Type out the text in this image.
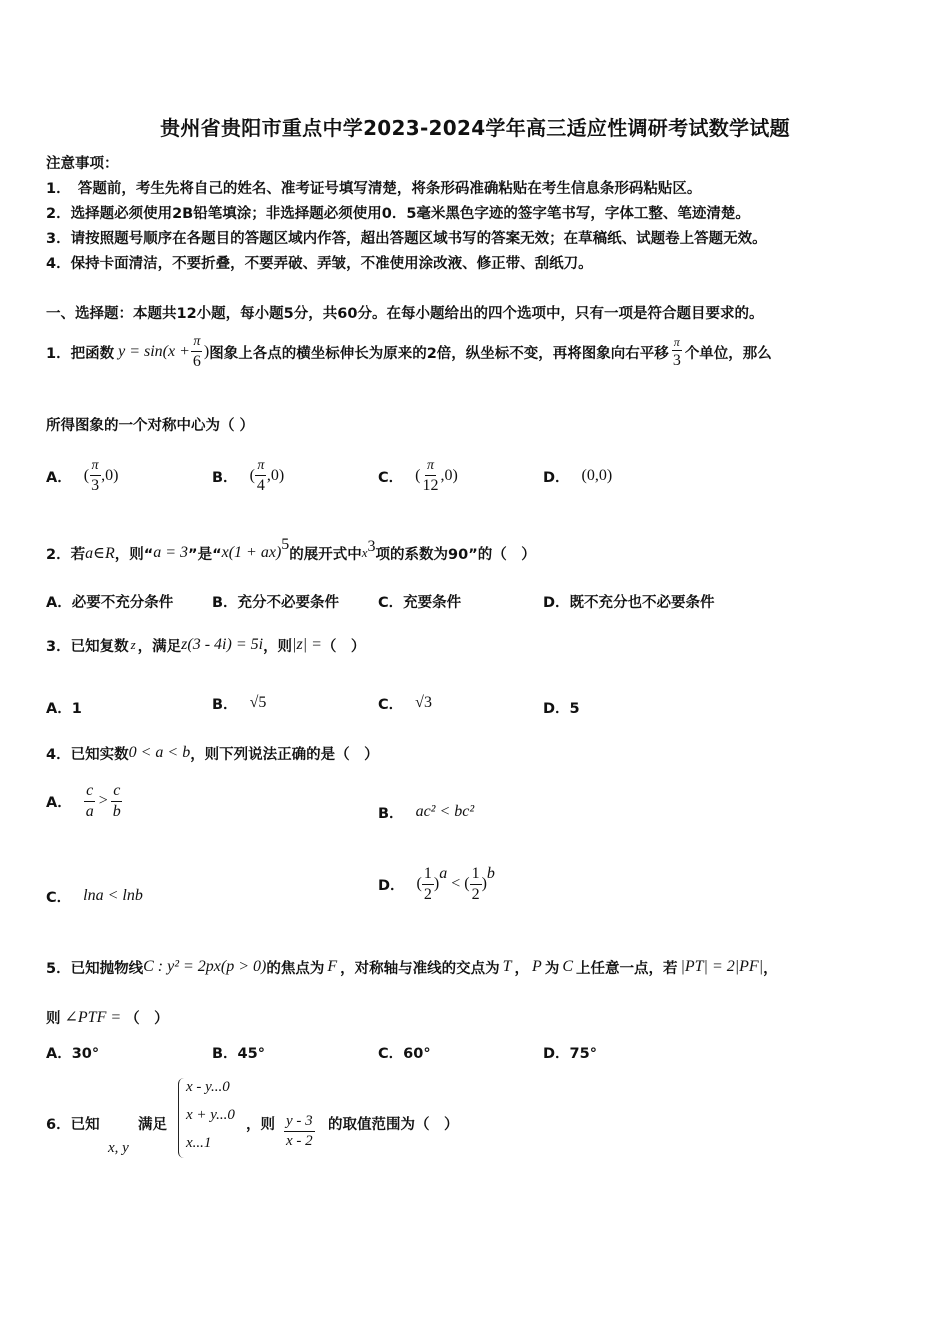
贵州省贵阳市重点中学2023-2024学年高三适应性调研考试数学试题
注意事项：
1．　答题前，考生先将自己的姓名、准考证号填写清楚，将条形码准确粘贴在考生信息条形码粘贴区。
2．选择题必须使用2B铅笔填涂；非选择题必须使用0．5毫米黑色字迹的签字笔书写，字体工整、笔迹清楚。
3．请按照题号顺序在各题目的答题区域内作答，超出答题区域书写的答案无效；在草稿纸、试题卷上答题无效。
4．保持卡面清洁，不要折叠，不要弄破、弄皱，不准使用涂改液、修正带、刮纸刀。
一、选择题：本题共12小题，每小题5分，共60分。在每小题给出的四个选项中，只有一项是符合题目要求的。
1．把函数 $y = \sin(x + \frac{\pi}{6}$ ) 图象上各点的横坐标伸长为原来的2倍，纵坐标不变，再将图象向右平移 $\frac{\pi}{3}$ 个单位，那么
所得图象的一个对称中心为（ ）
A． ( $\frac{\pi}{3} ,0$)	B． ( $\frac{\pi}{4} ,0$)	C． ( $\frac{\pi}{12} ,0$)	D． (0,0)
2．若 a∈R ，则“ a = 3 ”是“ x(1 + ax)$^5$
的展开式中 $x^3$ 项的系数为90”的（　）
A．必要不充分条件	B．充分不必要条件	C．充要条件	D．既不充分也不必要条件
3．已知复数 z ，满足 z(3 - 4i) = 5i ，则 |z| = （　）
A．1	B． √5	C． √3	D．5
4．已知实数 0 < a < b ，则下列说法正确的是（　）
A． $\frac{c}{a} > \frac{c}{b}$	B． ac² < bc²
C． lna < lnb
D． ( $\frac{1}{2}$ )
$^a$
< ( $\frac{1}{2}$ )
$^b$
5．已知抛物线 C : y² = 2px(p > 0) 的焦点为 F ，对称轴与准线的交点为 T ， P 为 C 上任意一点，若 |PT| = 2|PF| ，
则 ∠PTF = （　）
A．30°	B．45°	C．60°	D．75°
6．已知
x, y
满足
x - y...0
x + y...0
x...1
，则 $\frac{y - 3}{x - 2}$ 的取值范围为（　）
